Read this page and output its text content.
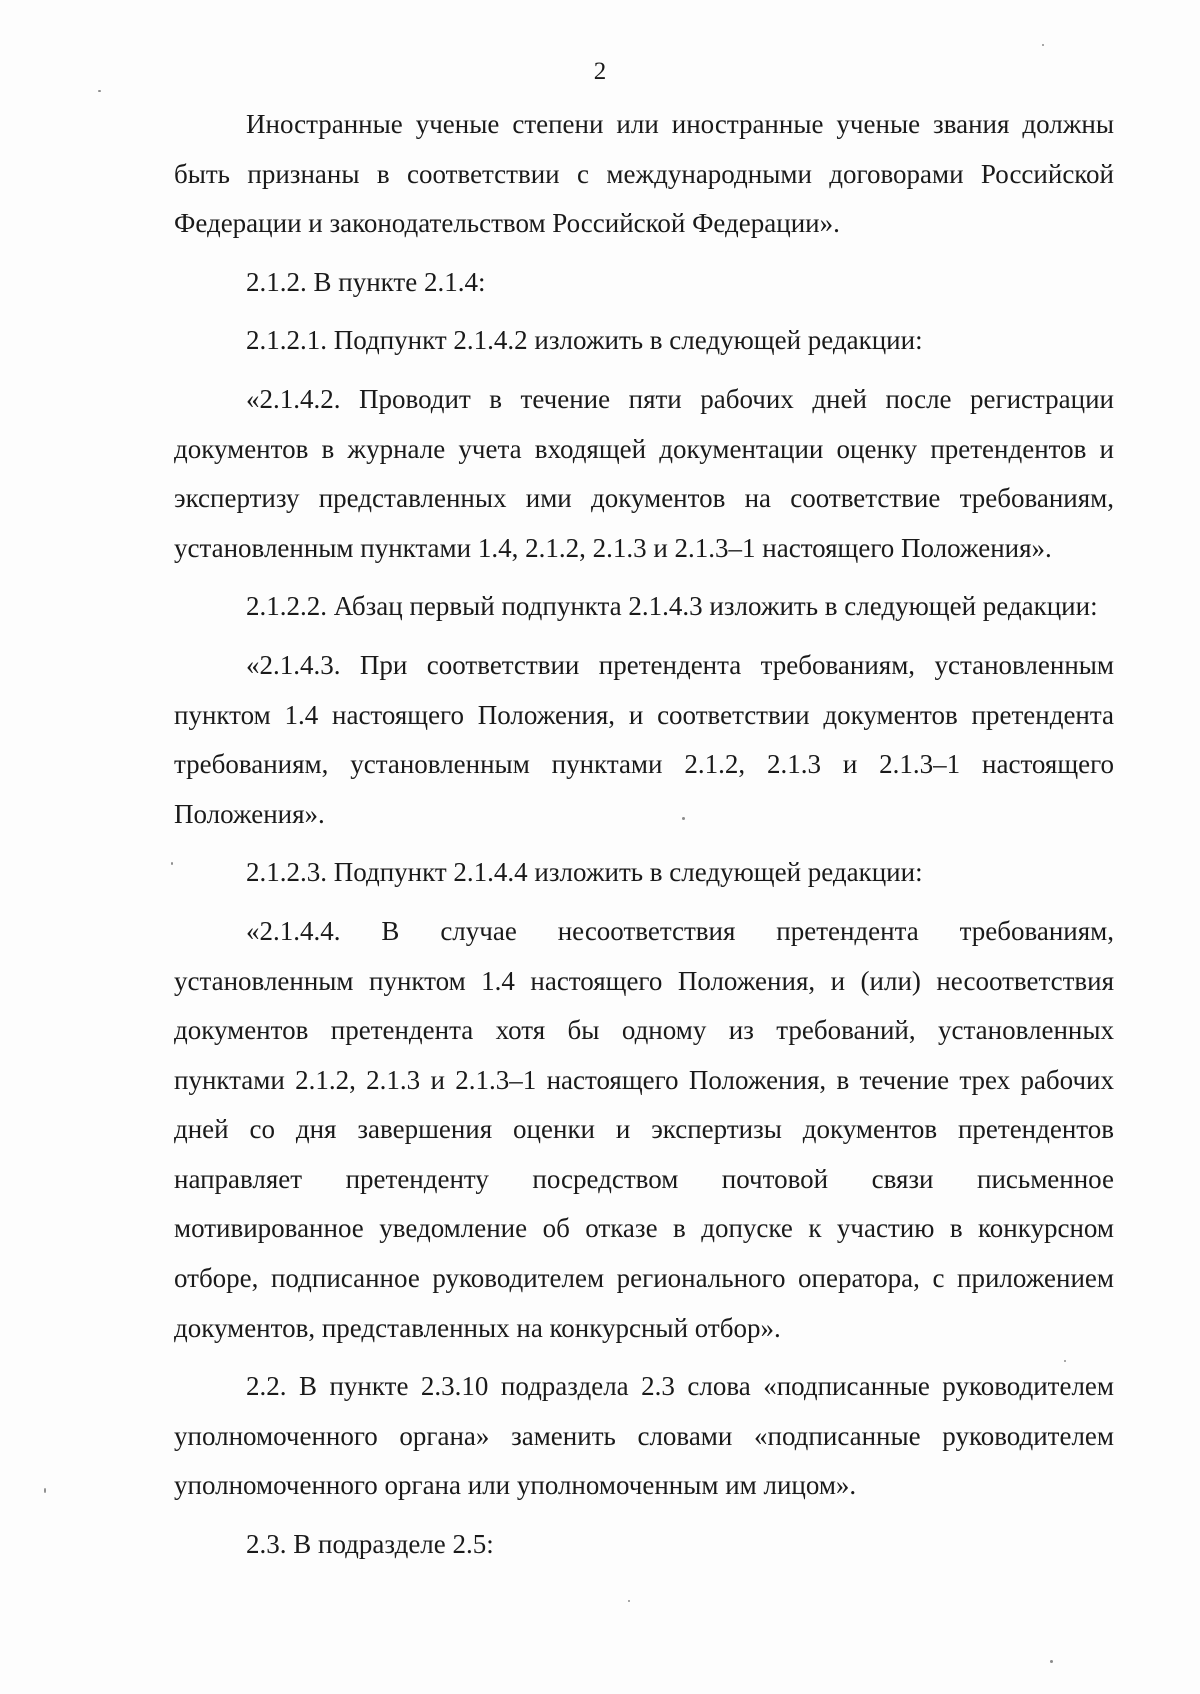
2

Иностранные ученые степени или иностранные ученые звания должны быть признаны в соответствии с международными договорами Российской Федерации и законодательством Российской Федерации».

2.1.2. В пункте 2.1.4:

2.1.2.1. Подпункт 2.1.4.2 изложить в следующей редакции:

«2.1.4.2. Проводит в течение пяти рабочих дней после регистрации документов в журнале учета входящей документации оценку претендентов и экспертизу представленных ими документов на соответствие требованиям, установленным пунктами 1.4, 2.1.2, 2.1.3 и 2.1.3–1 настоящего Положения».

2.1.2.2. Абзац первый подпункта 2.1.4.3 изложить в следующей редакции:

«2.1.4.3. При соответствии претендента требованиям, установленным пунктом 1.4 настоящего Положения, и соответствии документов претендента требованиям, установленным пунктами 2.1.2, 2.1.3 и 2.1.3–1 настоящего Положения».

2.1.2.3. Подпункт 2.1.4.4 изложить в следующей редакции:

«2.1.4.4. В случае несоответствия претендента требованиям, установленным пунктом 1.4 настоящего Положения, и (или) несоответствия документов претендента хотя бы одному из требований, установленных пунктами 2.1.2, 2.1.3 и 2.1.3–1 настоящего Положения, в течение трех рабочих дней со дня завершения оценки и экспертизы документов претендентов направляет претенденту посредством почтовой связи письменное мотивированное уведомление об отказе в допуске к участию в конкурсном отборе, подписанное руководителем регионального оператора, с приложением документов, представленных на конкурсный отбор».

2.2. В пункте 2.3.10 подраздела 2.3 слова «подписанные руководителем уполномоченного органа» заменить словами «подписанные руководителем уполномоченного органа или уполномоченным им лицом».

2.3. В подразделе 2.5:
